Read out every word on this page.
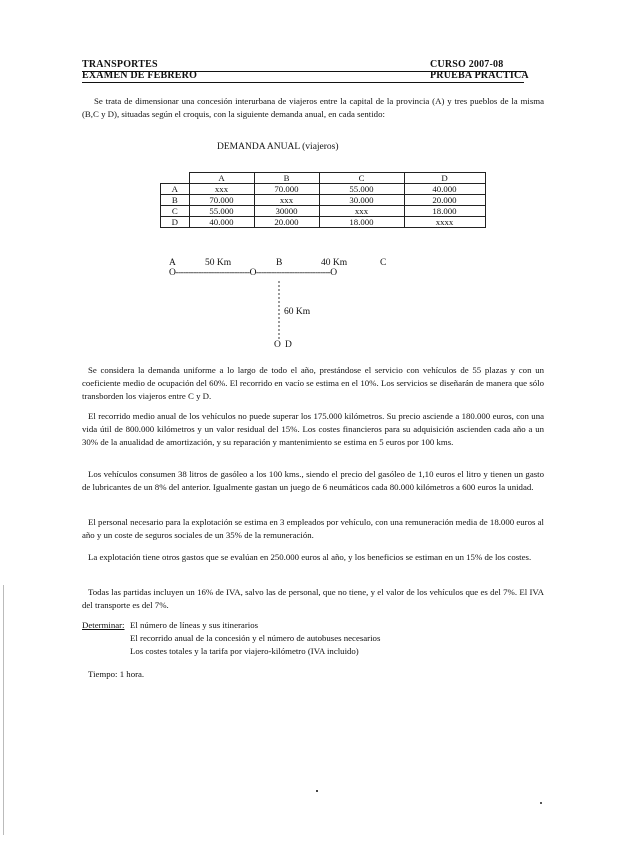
TRANSPORTES	CURSO 2007-08
EXAMEN DE FEBRERO	PRUEBA PRACTICA
Se trata de dimensionar una concesión interurbana de viajeros entre la capital de la provincia (A) y tres pueblos de la misma (B,C y D), situadas según el croquis, con la siguiente demanda anual, en cada sentido:
DEMANDA ANUAL (viajeros)
	A	B	C	D
A	xxx	70.000	55.000	40.000
B	70.000	xxx	30.000	20.000
C	55.000	30000	xxx	18.000
D	40.000	20.000	18.000	xxxx
A	50 Km	B	40 Km	C
O-----------------------------O-----------------------------O
60 Km
O D
Se considera la demanda uniforme a lo largo de todo el año, prestándose el servicio con vehículos de 55 plazas y con un coeficiente medio de ocupación del 60%. El recorrido en vacío se estima en el 10%. Los servicios se diseñarán de manera que sólo transborden los viajeros entre C y D.
El recorrido medio anual de los vehículos no puede superar los 175.000 kilómetros. Su precio asciende a 180.000 euros, con una vida útil de 800.000 kilómetros y un valor residual del 15%. Los costes financieros para su adquisición ascienden cada año a un 30% de la anualidad de amortización, y su reparación y mantenimiento se estima en 5 euros por 100 kms.
Los vehículos consumen 38 litros de gasóleo a los 100 kms., siendo el precio del gasóleo de 1,10 euros el litro y tienen un gasto de lubricantes de un 8% del anterior. Igualmente gastan un juego de 6 neumáticos cada 80.000 kilómetros a 600 euros la unidad.
El personal necesario para la explotación se estima en 3 empleados por vehículo, con una remuneración media de 18.000 euros al año y un coste de seguros sociales de un 35% de la remuneración.
La explotación tiene otros gastos que se evalúan en 250.000 euros al año, y los beneficios se estiman en un 15% de los costes.
Todas las partidas incluyen un 16% de IVA, salvo las de personal, que no tiene, y el valor de los vehículos que es del 7%. El IVA del transporte es del 7%.
Determinar: El número de líneas y sus itinerarios
El recorrido anual de la concesión y el número de autobuses necesarios
Los costes totales y la tarifa por viajero-kilómetro (IVA incluido)
Tiempo: 1 hora.
